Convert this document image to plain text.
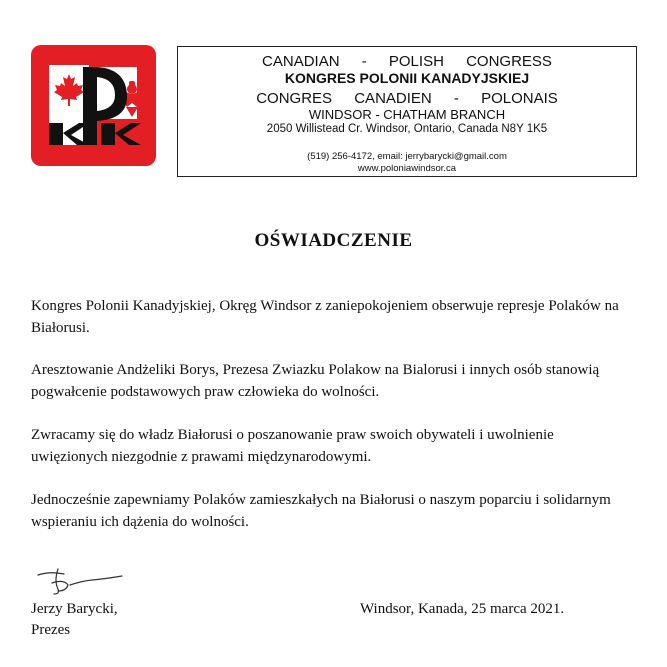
CANADIAN - POLISH CONGRESS
KONGRES POLONII KANADYJSKIEJ
CONGRES CANADIEN - POLONAIS
WINDSOR - CHATHAM BRANCH
2050 Willistead Cr. Windsor, Ontario, Canada N8Y 1K5
(519) 256-4172, email: jerrybarycki@gmail.com
www.poloniawindsor.ca
OŚWIADCZENIE
Kongres Polonii Kanadyjskiej, Okręg Windsor z zaniepokojeniem obserwuje represje Polaków na Białorusi.
Aresztowanie Andżeliki Borys, Prezesa Zwiazku Polakow na Bialorusi i innych osób stanowią pogwałcenie podstawowych praw człowieka do wolności.
Zwracamy się do władz Białorusi o poszanowanie praw swoich obywateli i uwolnienie uwięzionych niezgodnie z prawami międzynarodowymi.
Jednocześnie zapewniamy Polaków zamieszkałych na Białorusi o naszym poparciu i solidarnym wspieraniu ich dążenia do wolności.
Jerzy Barycki,
Prezes
Windsor, Kanada, 25 marca 2021.
